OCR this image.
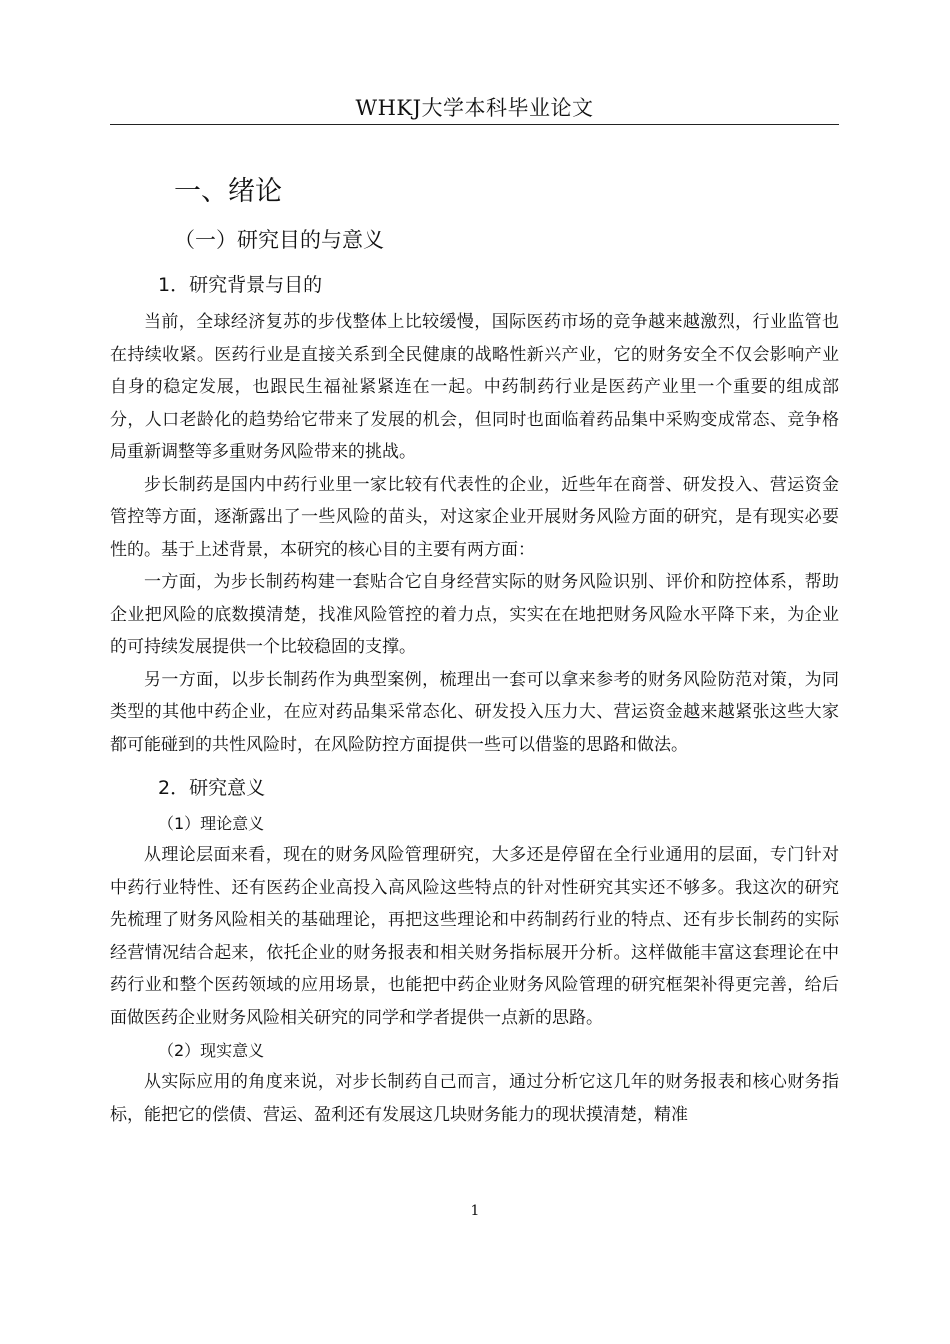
WHKJ大学本科毕业论文
一、绪论
（一）研究目的与意义
1．研究背景与目的

当前，全球经济复苏的步伐整体上比较缓慢，国际医药市场的竞争越来越激烈，行业监管也在持续收紧。医药行业是直接关系到全民健康的战略性新兴产业，它的财务安全不仅会影响产业自身的稳定发展，也跟民生福祉紧紧连在一起。中药制药行业是医药产业里一个重要的组成部分，人口老龄化的趋势给它带来了发展的机会，但同时也面临着药品集中采购变成常态、竞争格局重新调整等多重财务风险带来的挑战。

步长制药是国内中药行业里一家比较有代表性的企业，近些年在商誉、研发投入、营运资金管控等方面，逐渐露出了一些风险的苗头，对这家企业开展财务风险方面的研究，是有现实必要性的。基于上述背景，本研究的核心目的主要有两方面：

一方面，为步长制药构建一套贴合它自身经营实际的财务风险识别、评价和防控体系，帮助企业把风险的底数摸清楚，找准风险管控的着力点，实实在在地把财务风险水平降下来，为企业的可持续发展提供一个比较稳固的支撑。

另一方面，以步长制药作为典型案例，梳理出一套可以拿来参考的财务风险防范对策，为同类型的其他中药企业，在应对药品集采常态化、研发投入压力大、营运资金越来越紧张这些大家都可能碰到的共性风险时，在风险防控方面提供一些可以借鉴的思路和做法。

2．研究意义
（1）理论意义

从理论层面来看，现在的财务风险管理研究，大多还是停留在全行业通用的层面，专门针对中药行业特性、还有医药企业高投入高风险这些特点的针对性研究其实还不够多。我这次的研究先梳理了财务风险相关的基础理论，再把这些理论和中药制药行业的特点、还有步长制药的实际经营情况结合起来，依托企业的财务报表和相关财务指标展开分析。这样做能丰富这套理论在中药行业和整个医药领域的应用场景，也能把中药企业财务风险管理的研究框架补得更完善，给后面做医药企业财务风险相关研究的同学和学者提供一点新的思路。

（2）现实意义

从实际应用的角度来说，对步长制药自己而言，通过分析它这几年的财务报表和核心财务指标，能把它的偿债、营运、盈利还有发展这几块财务能力的现状摸清楚，精准

1
